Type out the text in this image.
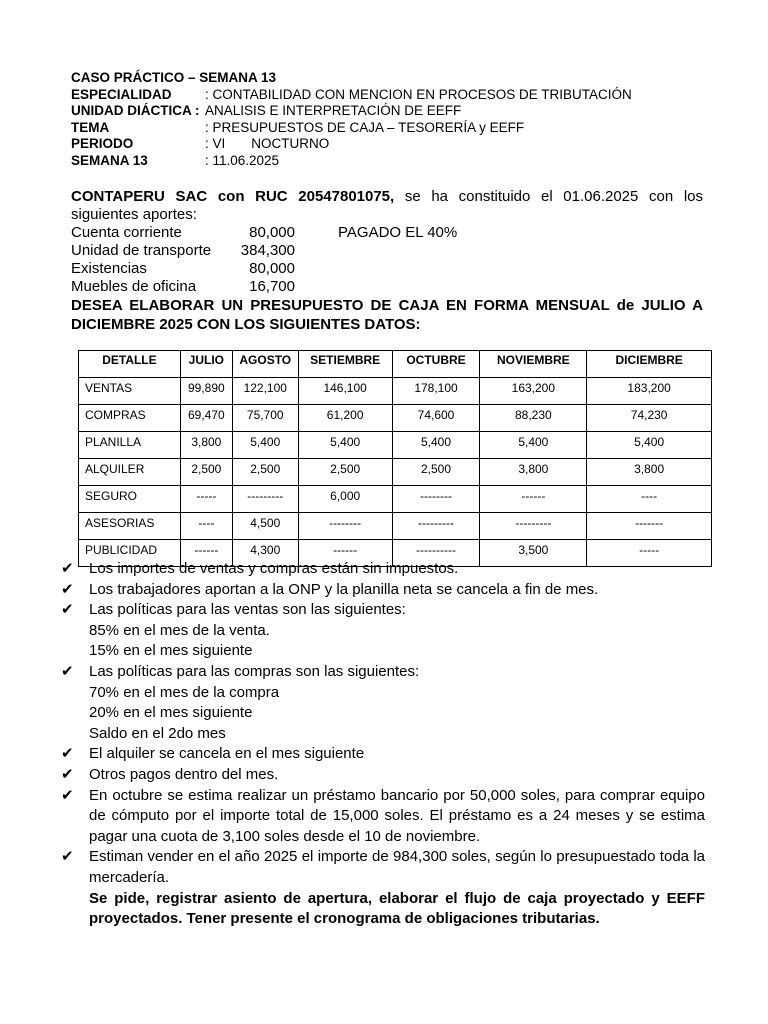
CASO PRÁCTICO – SEMANA 13
ESPECIALIDAD	: CONTABILIDAD CON MENCION EN PROCESOS DE TRIBUTACIÓN
UNIDAD DIÁCTICA : ANALISIS E INTERPRETACIÓN DE EEFF
TEMA	: PRESUPUESTOS DE CAJA – TESORERÍA y EEFF
PERIODO	: VI NOCTURNO
SEMANA 13	: 11.06.2025
CONTAPERU SAC con RUC 20547801075, se ha constituido el 01.06.2025 con los siguientes aportes:
Cuenta corriente	80,000	PAGADO EL 40%
Unidad de transporte	384,300
Existencias	80,000
Muebles de oficina	16,700
DESEA ELABORAR UN PRESUPUESTO DE CAJA EN FORMA MENSUAL de JULIO A DICIEMBRE 2025 CON LOS SIGUIENTES DATOS:
DETALLE	JULIO	AGOSTO	SETIEMBRE	OCTUBRE	NOVIEMBRE	DICIEMBRE
VENTAS	99,890	122,100	146,100	178,100	163,200	183,200
COMPRAS	69,470	75,700	61,200	74,600	88,230	74,230
PLANILLA	3,800	5,400	5,400	5,400	5,400	5,400
ALQUILER	2,500	2,500	2,500	2,500	3,800	3,800
SEGURO	-----	---------	6,000	--------	------	----
ASESORIAS	----	4,500	--------	---------	---------	-------
PUBLICIDAD	------	4,300	------	----------	3,500	-----
✔	Los importes de ventas y compras están sin impuestos.
✔	Los trabajadores aportan a la ONP y la planilla neta se cancela a fin de mes.
✔	Las políticas para las ventas son las siguientes:
85% en el mes de la venta.
15% en el mes siguiente
✔	Las políticas para las compras son las siguientes:
70% en el mes de la compra
20% en el mes siguiente
Saldo en el 2do mes
✔	El alquiler se cancela en el mes siguiente
✔	Otros pagos dentro del mes.
✔	En octubre se estima realizar un préstamo bancario por 50,000 soles, para comprar equipo de cómputo por el importe total de 15,000 soles. El préstamo es a 24 meses y se estima pagar una cuota de 3,100 soles desde el 10 de noviembre.
✔	Estiman vender en el año 2025 el importe de 984,300 soles, según lo presupuestado toda la mercadería.
Se pide, registrar asiento de apertura, elaborar el flujo de caja proyectado y EEFF proyectados. Tener presente el cronograma de obligaciones tributarias.
